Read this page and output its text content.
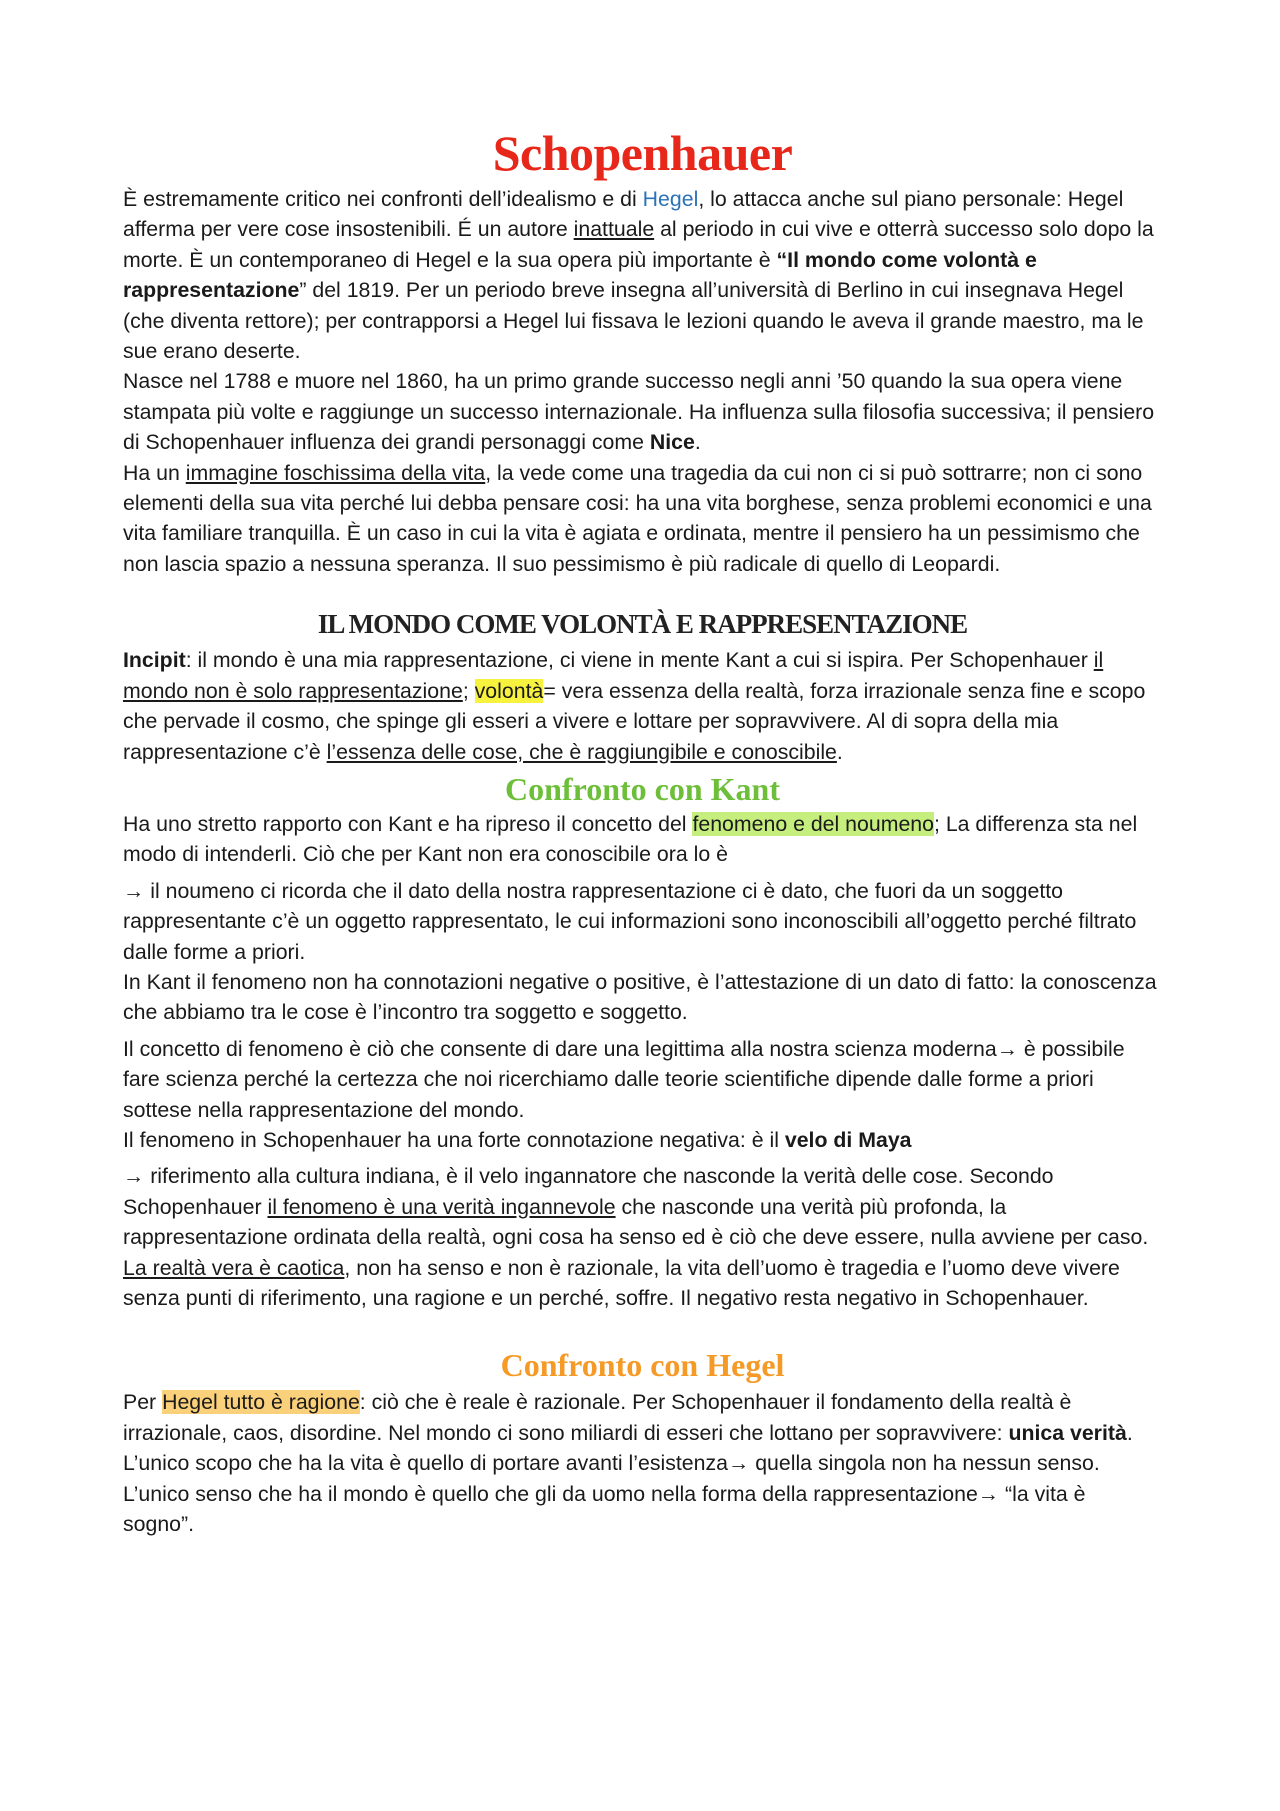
Schopenhauer

È estremamente critico nei confronti dell’idealismo e di Hegel, lo attacca anche sul piano personale: Hegel afferma per vere cose insostenibili. É un autore inattuale al periodo in cui vive e otterrà successo solo dopo la morte. È un contemporaneo di Hegel e la sua opera più importante è “Il mondo come volontà e rappresentazione” del 1819. Per un periodo breve insegna all’università di Berlino in cui insegnava Hegel (che diventa rettore); per contrapporsi a Hegel lui fissava le lezioni quando le aveva il grande maestro, ma le sue erano deserte.

Nasce nel 1788 e muore nel 1860, ha un primo grande successo negli anni ’50 quando la sua opera viene stampata più volte e raggiunge un successo internazionale. Ha influenza sulla filosofia successiva; il pensiero di Schopenhauer influenza dei grandi personaggi come Nice.

Ha un immagine foschissima della vita, la vede come una tragedia da cui non ci si può sottrarre; non ci sono elementi della sua vita perché lui debba pensare cosi: ha una vita borghese, senza problemi economici e una vita familiare tranquilla. È un caso in cui la vita è agiata e ordinata, mentre il pensiero ha un pessimismo che non lascia spazio a nessuna speranza. Il suo pessimismo è più radicale di quello di Leopardi.

IL MONDO COME VOLONTÀ E RAPPRESENTAZIONE

Incipit: il mondo è una mia rappresentazione, ci viene in mente Kant a cui si ispira. Per Schopenhauer il mondo non è solo rappresentazione; volontà= vera essenza della realtà, forza irrazionale senza fine e scopo che pervade il cosmo, che spinge gli esseri a vivere e lottare per sopravvivere. Al di sopra della mia rappresentazione c’è l’essenza delle cose, che è raggiungibile e conoscibile.

Confronto con Kant

Ha uno stretto rapporto con Kant e ha ripreso il concetto del fenomeno e del noumeno; La differenza sta nel modo di intenderli. Ciò che per Kant non era conoscibile ora lo è

→ il noumeno ci ricorda che il dato della nostra rappresentazione ci è dato, che fuori da un soggetto rappresentante c’è un oggetto rappresentato, le cui informazioni sono inconoscibili all’oggetto perché filtrato dalle forme a priori.

In Kant il fenomeno non ha connotazioni negative o positive, è l’attestazione di un dato di fatto: la conoscenza che abbiamo tra le cose è l’incontro tra soggetto e soggetto.

Il concetto di fenomeno è ciò che consente di dare una legittima alla nostra scienza moderna→ è possibile fare scienza perché la certezza che noi ricerchiamo dalle teorie scientifiche dipende dalle forme a priori sottese nella rappresentazione del mondo.

Il fenomeno in Schopenhauer ha una forte connotazione negativa: è il velo di Maya

→ riferimento alla cultura indiana, è il velo ingannatore che nasconde la verità delle cose. Secondo Schopenhauer il fenomeno è una verità ingannevole che nasconde una verità più profonda, la rappresentazione ordinata della realtà, ogni cosa ha senso ed è ciò che deve essere, nulla avviene per caso. La realtà vera è caotica, non ha senso e non è razionale, la vita dell’uomo è tragedia e l’uomo deve vivere senza punti di riferimento, una ragione e un perché, soffre. Il negativo resta negativo in Schopenhauer.

Confronto con Hegel

Per Hegel tutto è ragione: ciò che è reale è razionale. Per Schopenhauer il fondamento della realtà è irrazionale, caos, disordine. Nel mondo ci sono miliardi di esseri che lottano per sopravvivere: unica verità. L’unico scopo che ha la vita è quello di portare avanti l’esistenza→ quella singola non ha nessun senso. L’unico senso che ha il mondo è quello che gli da uomo nella forma della rappresentazione→ “la vita è sogno”.
